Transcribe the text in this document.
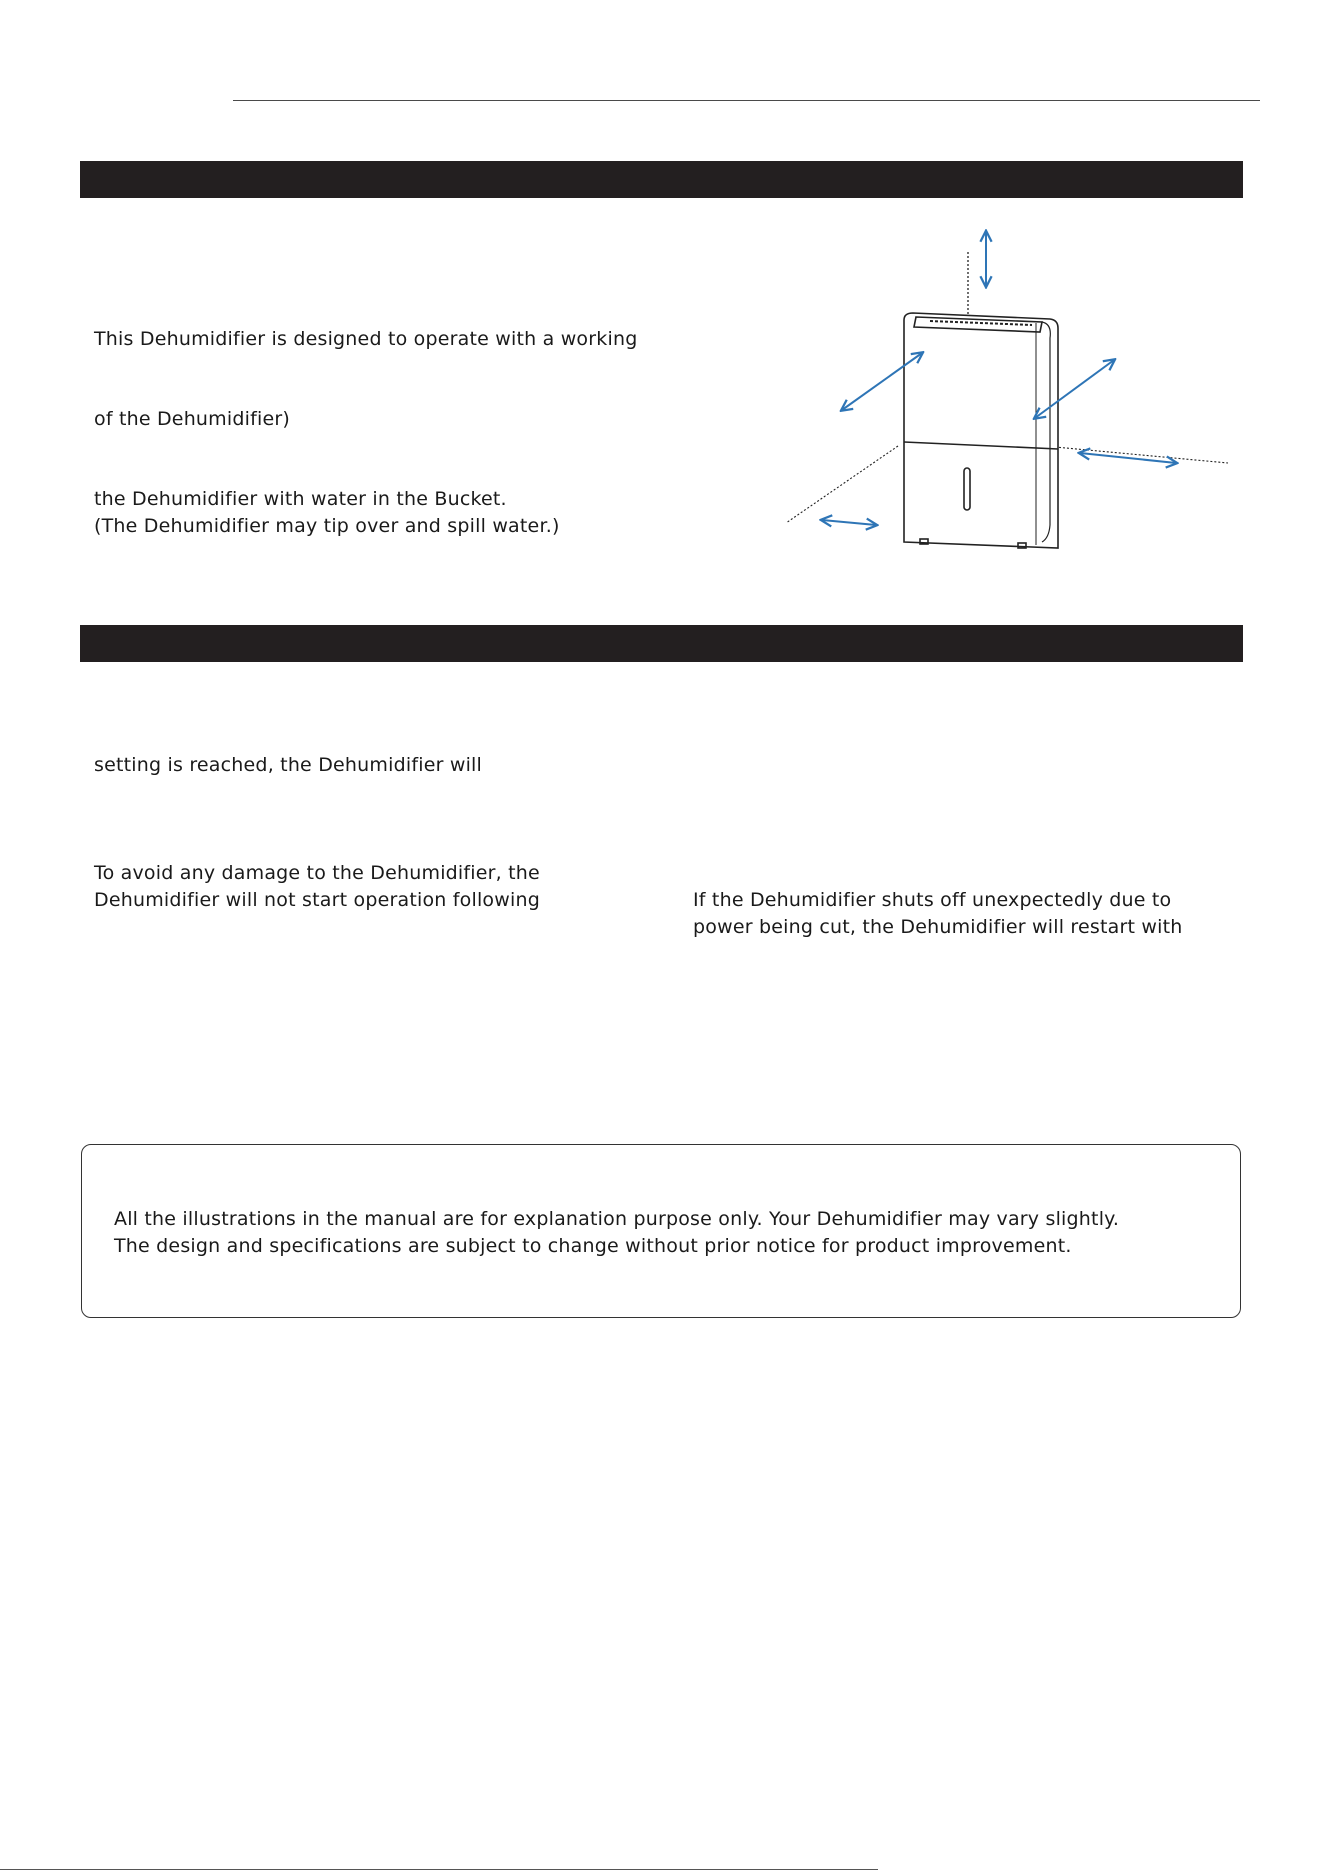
This Dehumidifier is designed to operate with a working

of the Dehumidifier)

the Dehumidifier with water in the Bucket.

(The Dehumidifier may tip over and spill water.)

setting is reached, the Dehumidifier will

To avoid any damage to the Dehumidifier, the

Dehumidifier will not start operation following	If the Dehumidifier shuts off unexpectedly due to

power being cut, the Dehumidifier will restart with

All the illustrations in the manual are for explanation purpose only. Your Dehumidifier may vary slightly.

The design and specifications are subject to change without prior notice for product improvement.
